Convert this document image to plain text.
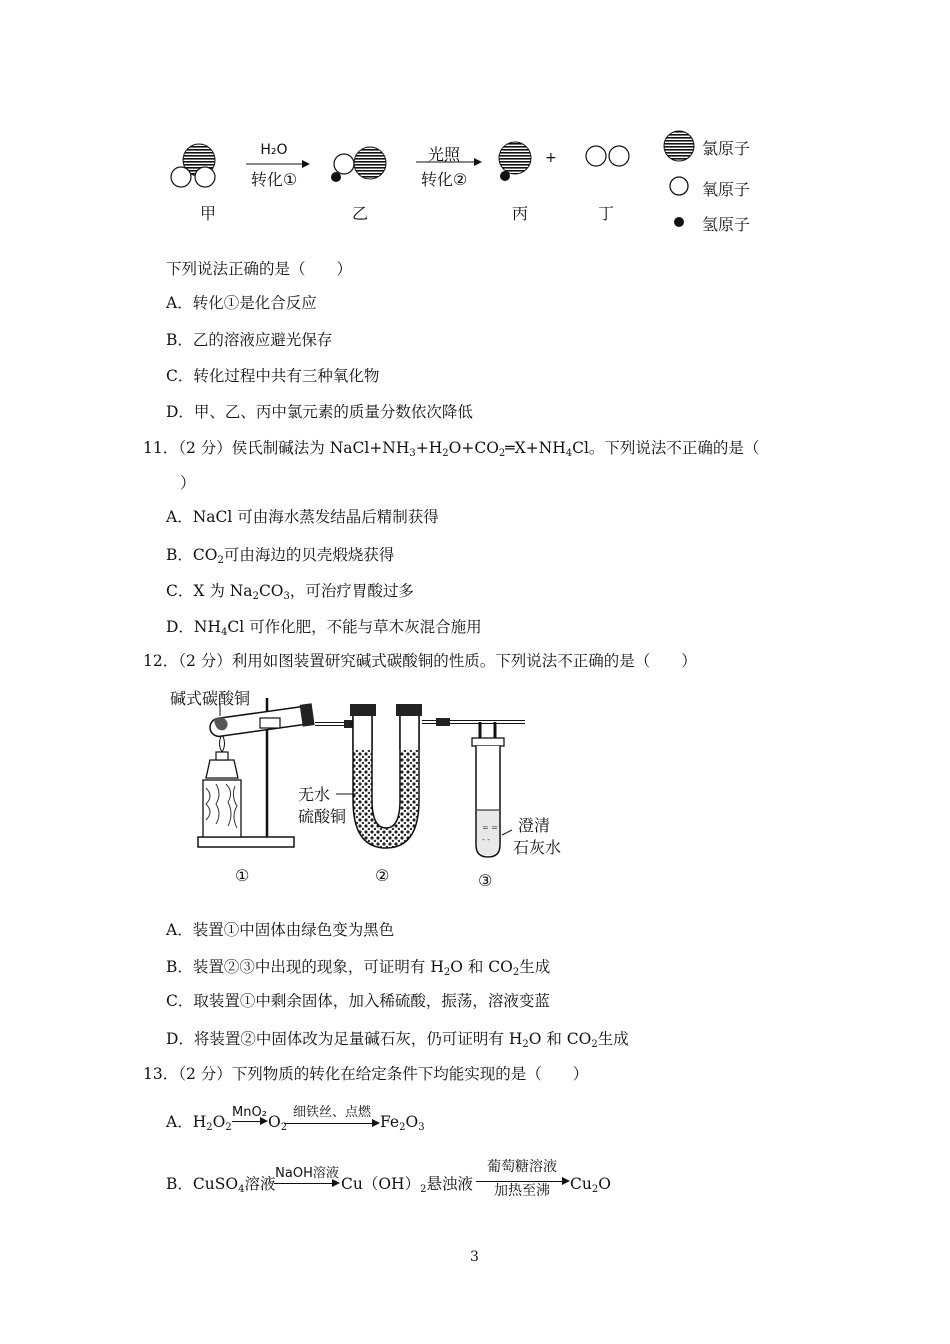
H₂O
转化①
光照
转化②
+
甲	乙	丙	丁
氯原子
氧原子
氢原子
下列说法正确的是（　　）
A．转化①是化合反应
B．乙的溶液应避光保存
C．转化过程中共有三种氧化物
D．甲、乙、丙中氯元素的质量分数依次降低
11．（2 分）侯氏制碱法为 $NaCl+NH_3+H_2O+CO_2═X+NH_4Cl$。下列说法不正确的是（
）
A．NaCl 可由海水蒸发结晶后精制获得
B．$CO_2$可由海边的贝壳煅烧获得
C．X 为 $Na_2CO_3$，可治疗胃酸过多
D．$NH_4Cl$ 可作化肥，不能与草木灰混合施用
12．（2 分）利用如图装置研究碱式碳酸铜的性质。下列说法不正确的是（　　）
= =
- -
碱式碳酸铜
无水
硫酸铜	澄清
石灰水
①	②	③
A．装置①中固体由绿色变为黑色
B．装置②③中出现的现象，可证明有 $H_2O$ 和 $CO_2$生成
C．取装置①中剩余固体，加入稀硫酸，振荡，溶液变蓝
D．将装置②中固体改为足量碱石灰，仍可证明有 $H_2O$ 和 $CO_2$生成
13．（2 分）下列物质的转化在给定条件下均能实现的是（　　）
A．$H_2O_2$
MnO₂
$O_2$
细铁丝、点燃
$Fe_2O_3$
B．CuSO$_4$溶液
NaOH溶液
$Cu(OH)_2$悬浊液
葡萄糖溶液
加热至沸	$Cu_2O$
3
